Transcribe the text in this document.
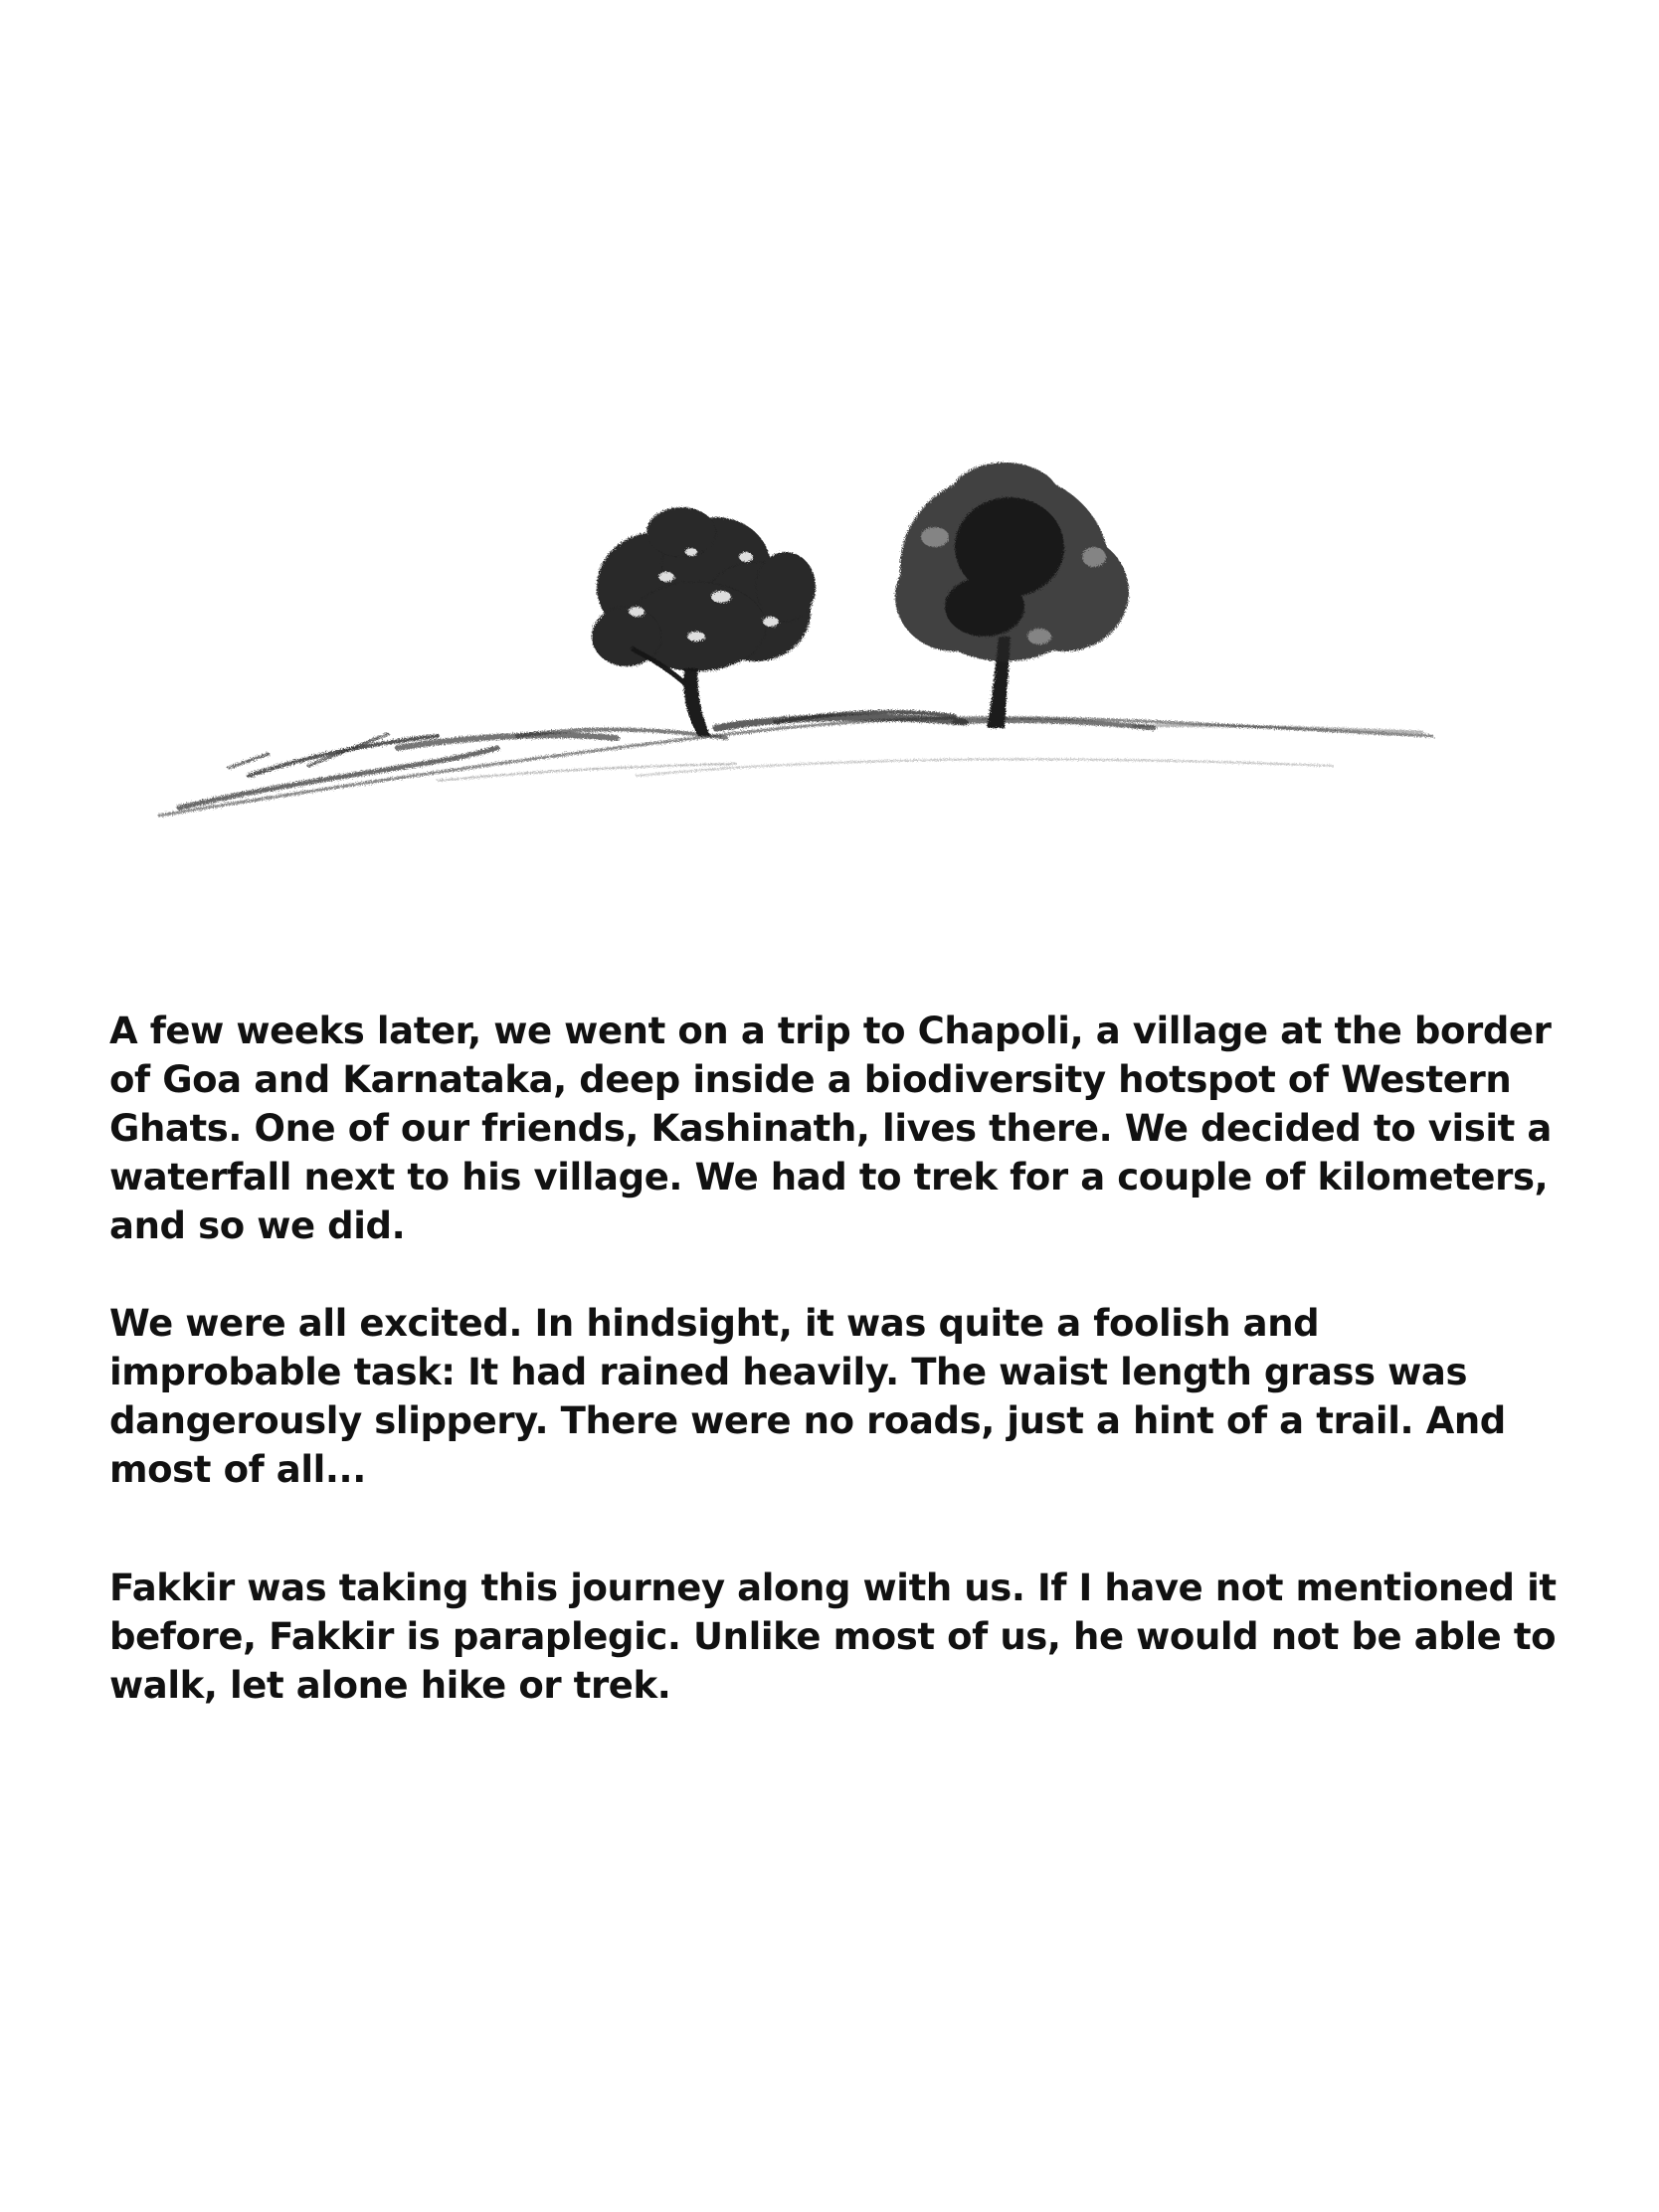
A few weeks later, we went on a trip to Chapoli, a village at the border of Goa and Karnataka, deep inside a biodiversity hotspot of Western Ghats. One of our friends, Kashinath, lives there. We decided to visit a waterfall next to his village. We had to trek for a couple of kilometers, and so we did.

We were all excited. In hindsight, it was quite a foolish and improbable task: It had rained heavily. The waist length grass was dangerously slippery. There were no roads, just a hint of a trail. And most of all...

Fakkir was taking this journey along with us. If I have not mentioned it before, Fakkir is paraplegic. Unlike most of us, he would not be able to walk, let alone hike or trek.
